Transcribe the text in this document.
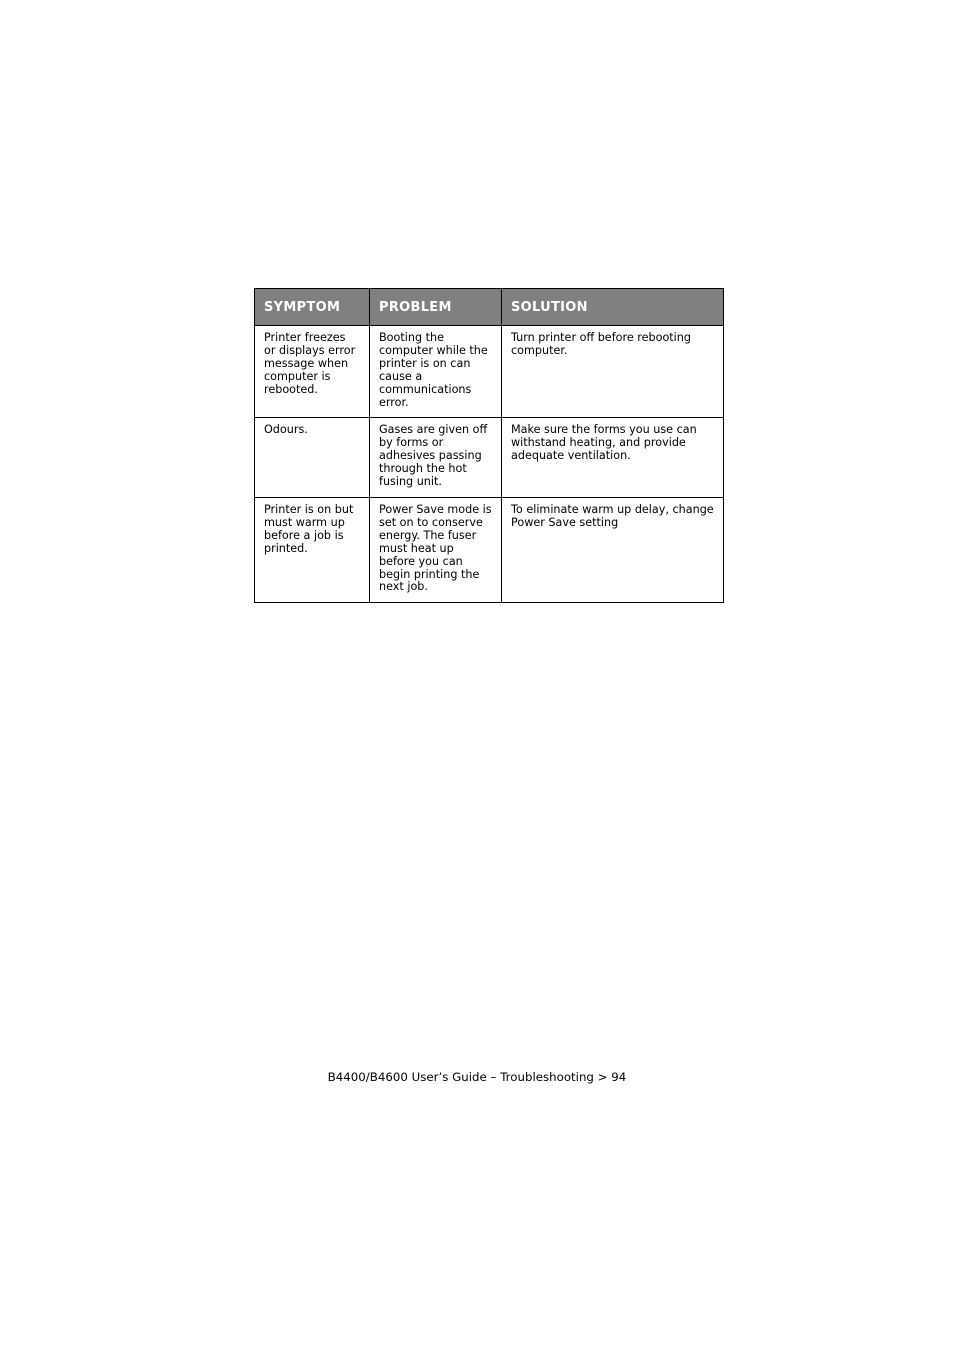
SYMPTOM	PROBLEM	SOLUTION
Printer freezes or displays error message when computer is rebooted.	Booting the computer while the printer is on can cause a communications error.	Turn printer off before rebooting computer.
Odours.	Gases are given off by forms or adhesives passing through the hot fusing unit.	Make sure the forms you use can withstand heating, and provide adequate ventilation.
Printer is on but must warm up before a job is printed.	Power Save mode is set on to conserve energy. The fuser must heat up before you can begin printing the next job.	To eliminate warm up delay, change Power Save setting
B4400/B4600 User’s Guide – Troubleshooting > 94
